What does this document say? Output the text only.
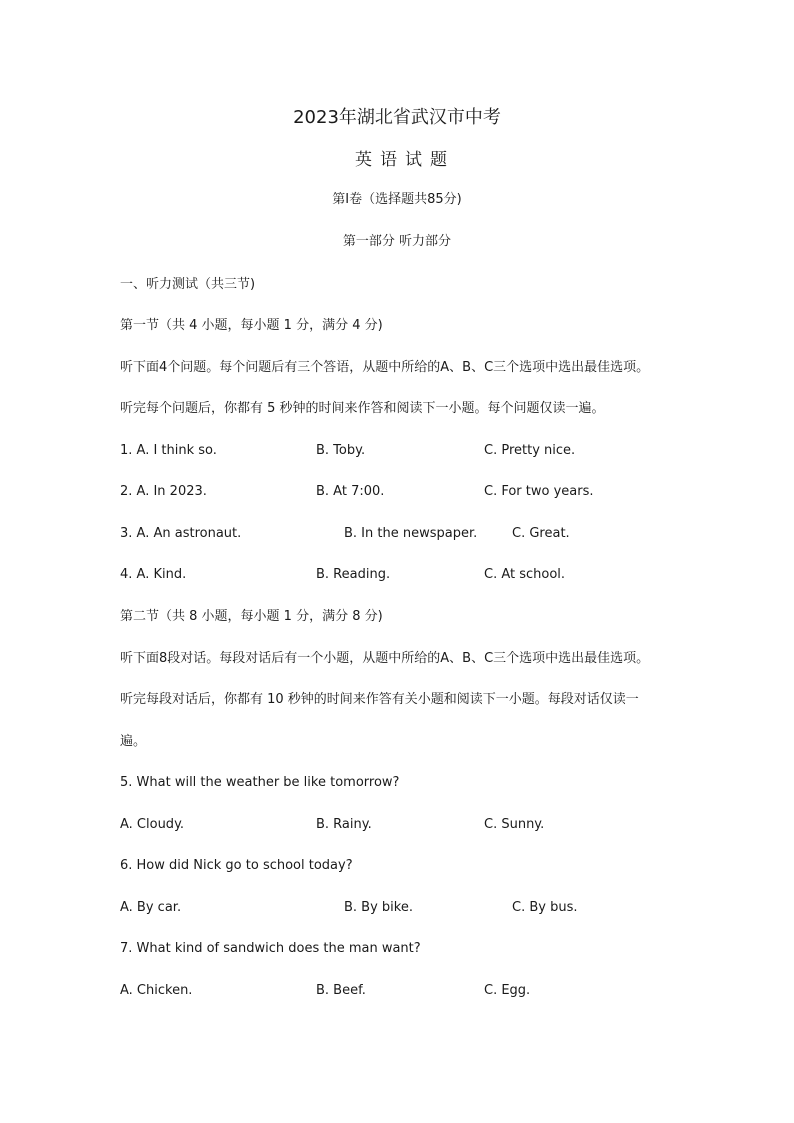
2023年湖北省武汉市中考
英语试题
第Ⅰ卷（选择题共85分)
第一部分 听力部分
一、听力测试（共三节)
第一节（共 4 小题，每小题 1 分，满分 4 分)
听下面4个问题。每个问题后有三个答语，从题中所给的A、B、C三个选项中选出最佳选项。
听完每个问题后，你都有 5 秒钟的时间来作答和阅读下一小题。每个问题仅读一遍。
1. A. I think so.	B. Toby.	C. Pretty nice.
2. A. In 2023.	B. At 7:00.	C. For two years.
3. A. An astronaut.	B. In the newspaper.	C. Great.
4. A. Kind.	B. Reading.	C. At school.
第二节（共 8 小题，每小题 1 分，满分 8 分)
听下面8段对话。每段对话后有一个小题，从题中所给的A、B、C三个选项中选出最佳选项。
听完每段对话后，你都有 10 秒钟的时间来作答有关小题和阅读下一小题。每段对话仅读一
遍。
5. What will the weather be like tomorrow?
A. Cloudy.	B. Rainy.	C. Sunny.
6. How did Nick go to school today?
A. By car.	B. By bike.	C. By bus.
7. What kind of sandwich does the man want?
A. Chicken.	B. Beef.	C. Egg.
